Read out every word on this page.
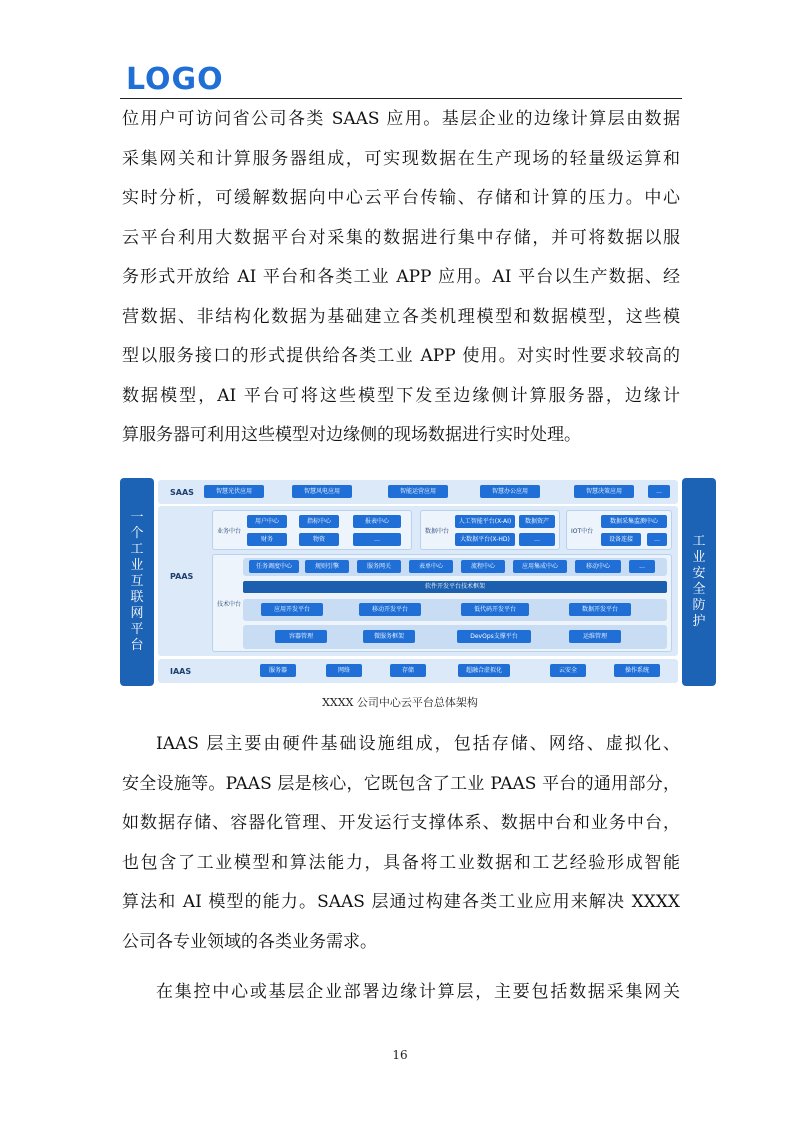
LOGO
位用户可访问省公司各类 SAAS 应用。基层企业的边缘计算层由数据
采集网关和计算服务器组成，可实现数据在生产现场的轻量级运算和
实时分析，可缓解数据向中心云平台传输、存储和计算的压力。中心
云平台利用大数据平台对采集的数据进行集中存储，并可将数据以服
务形式开放给 AI 平台和各类工业 APP 应用。AI 平台以生产数据、经
营数据、非结构化数据为基础建立各类机理模型和数据模型，这些模
型以服务接口的形式提供给各类工业 APP 使用。对实时性要求较高的
数据模型，AI 平台可将这些模型下发至边缘侧计算服务器，边缘计
算服务器可利用这些模型对边缘侧的现场数据进行实时处理。
一个工业互联网平台
工业安全防护
SAAS	智慧光伏应用	智慧风电应用	智能运营应用	智慧办公应用	智慧决策应用	...
PAAS
业务中台
用户中心	指标中心	报表中心
财务	物资	...
数据中台
人工智能平台(X-AI)	数据资产
大数据平台(X-HD)	...
IOT中台
数据采集监测中心
设备连接	...
技术中台
任务调度中心	规则引擎	服务网关	表单中心	流程中心	应用集成中心	移动中心	...
软件开发平台技术框架
应用开发平台	移动开发平台	低代码开发平台	数据开发平台
容器管理	微服务框架	DevOps支撑平台	运维管理
IAAS	服务器	网络	存储	超融合虚拟化	云安全	操作系统
XXXX 公司中心云平台总体架构
IAAS 层主要由硬件基础设施组成，包括存储、网络、虚拟化、
安全设施等。PAAS 层是核心，它既包含了工业 PAAS 平台的通用部分，
如数据存储、容器化管理、开发运行支撑体系、数据中台和业务中台，
也包含了工业模型和算法能力，具备将工业数据和工艺经验形成智能
算法和 AI 模型的能力。SAAS 层通过构建各类工业应用来解决 XXXX
公司各专业领域的各类业务需求。
在集控中心或基层企业部署边缘计算层，主要包括数据采集网关
16
